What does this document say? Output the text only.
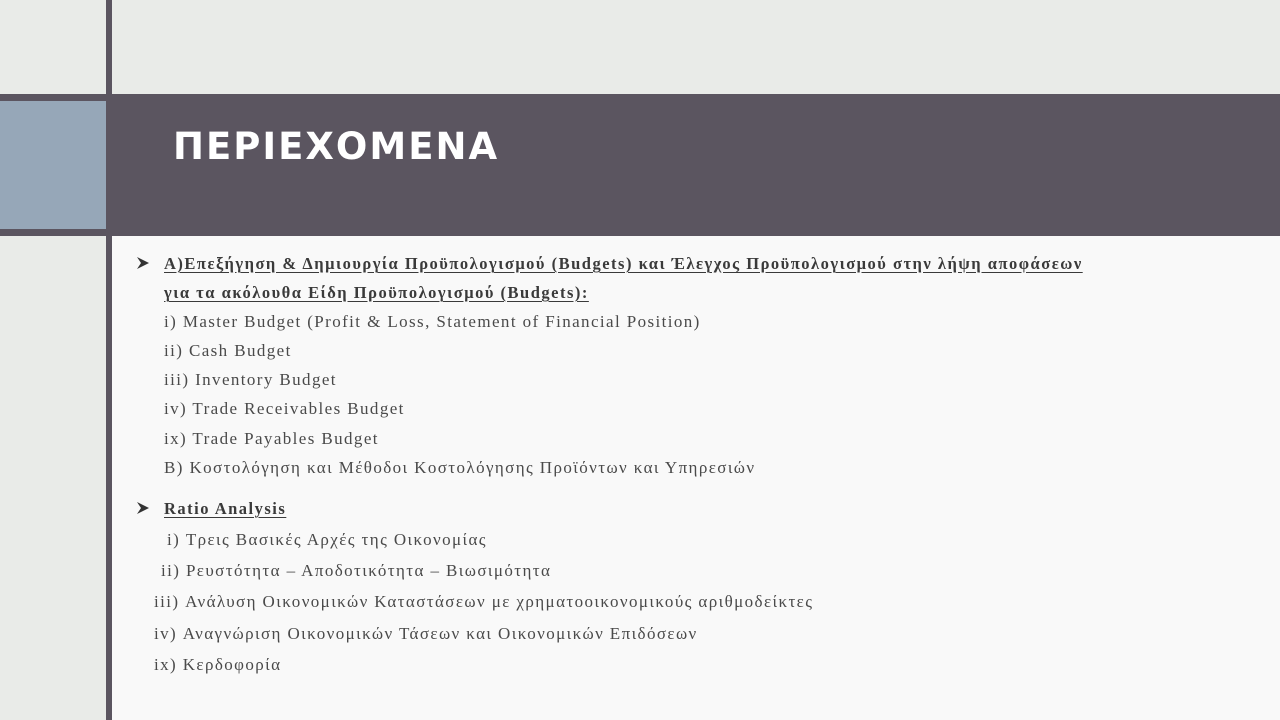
ΠΕΡΙΕΧΟΜΕΝΑ
A)Επεξήγηση & Δημιουργία Προϋπολογισμού (Budgets) και Έλεγχος Προϋπολογισμού στην λήψη αποφάσεων
για τα ακόλουθα Είδη Προϋπολογισμού (Budgets):
i) Master Budget (Profit & Loss, Statement of Financial Position)
ii) Cash Budget
iii) Inventory Budget
iv) Trade Receivables Budget
ix) Trade Payables Budget
B) Κοστολόγηση και Μέθοδοι Κοστολόγησης Προϊόντων και Υπηρεσιών
Ratio Analysis
i) Τρεις Βασικές Αρχές της Οικονομίας
ii) Ρευστότητα – Αποδοτικότητα – Βιωσιμότητα
iii) Ανάλυση Οικονομικών Καταστάσεων με χρηματοοικονομικούς αριθμοδείκτες
iv) Αναγνώριση Οικονομικών Τάσεων και Οικονομικών Επιδόσεων
ix) Κερδοφορία
